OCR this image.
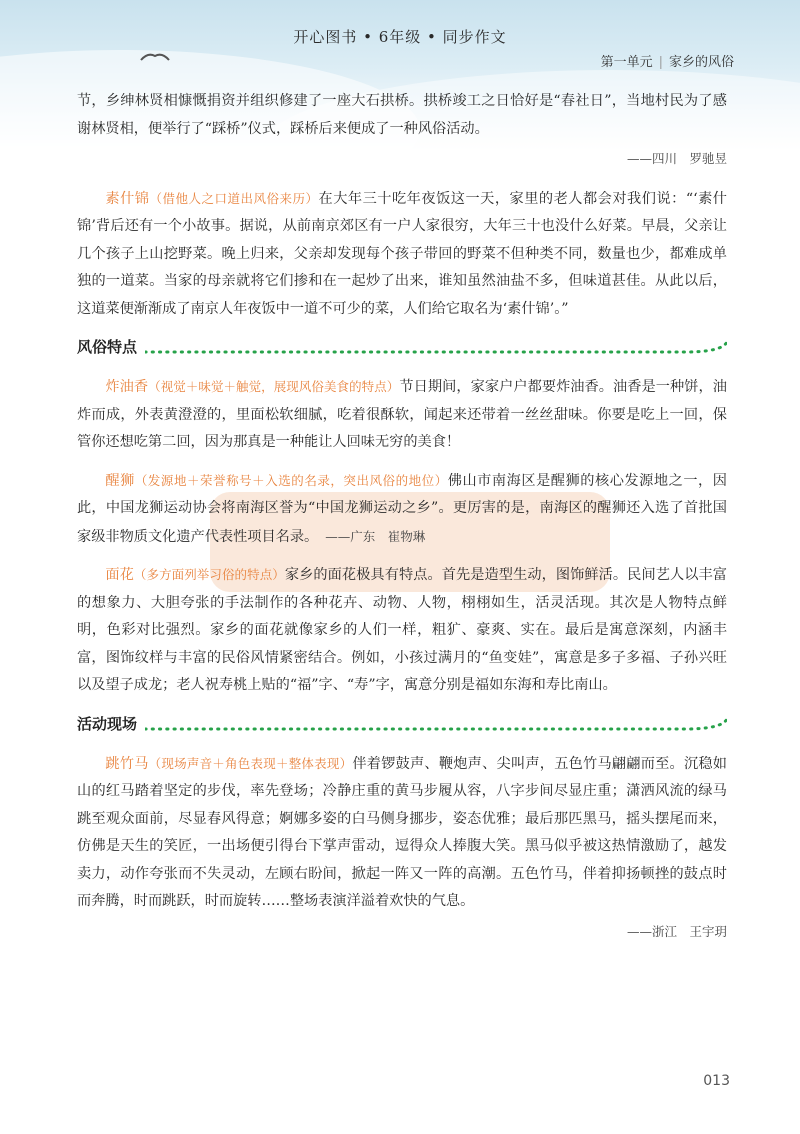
开心图书 • 6年级 • 同步作文
第一单元 | 家乡的风俗

节，乡绅林贤相慷慨捐资并组织修建了一座大石拱桥。拱桥竣工之日恰好是“春社日”，当地村民为了感谢林贤相，便举行了“踩桥”仪式，踩桥后来便成了一种风俗活动。

——四川　罗驰昱

素什锦（借他人之口道出风俗来历）在大年三十吃年夜饭这一天，家里的老人都会对我们说：“‘素什锦’背后还有一个小故事。据说，从前南京郊区有一户人家很穷，大年三十也没什么好菜。早晨，父亲让几个孩子上山挖野菜。晚上归来，父亲却发现每个孩子带回的野菜不但种类不同，数量也少，都难成单独的一道菜。当家的母亲就将它们掺和在一起炒了出来，谁知虽然油盐不多，但味道甚佳。从此以后，这道菜便渐渐成了南京人年夜饭中一道不可少的菜，人们给它取名为‘素什锦’。”

风俗特点

炸油香（视觉＋味觉＋触觉，展现风俗美食的特点）节日期间，家家户户都要炸油香。油香是一种饼，油炸而成，外表黄澄澄的，里面松软细腻，吃着很酥软，闻起来还带着一丝丝甜味。你要是吃上一回，保管你还想吃第二回，因为那真是一种能让人回味无穷的美食！

醒狮（发源地＋荣誉称号＋入选的名录，突出风俗的地位）佛山市南海区是醒狮的核心发源地之一，因此，中国龙狮运动协会将南海区誉为“中国龙狮运动之乡”。更厉害的是，南海区的醒狮还入选了首批国家级非物质文化遗产代表性项目名录。　 ——广东　崔物琳

面花（多方面列举习俗的特点）家乡的面花极具有特点。首先是造型生动，图饰鲜活。民间艺人以丰富的想象力、大胆夸张的手法制作的各种花卉、动物、人物，栩栩如生，活灵活现。其次是人物特点鲜明，色彩对比强烈。家乡的面花就像家乡的人们一样，粗犷、豪爽、实在。最后是寓意深刻，内涵丰富，图饰纹样与丰富的民俗风情紧密结合。例如，小孩过满月的“鱼变娃”，寓意是多子多福、子孙兴旺以及望子成龙；老人祝寿桃上贴的“福”字、“寿”字，寓意分别是福如东海和寿比南山。

活动现场

跳竹马（现场声音＋角色表现＋整体表现）伴着锣鼓声、鞭炮声、尖叫声，五色竹马翩翩而至。沉稳如山的红马踏着坚定的步伐，率先登场；冷静庄重的黄马步履从容，八字步间尽显庄重；潇洒风流的绿马跳至观众面前，尽显春风得意；婀娜多姿的白马侧身挪步，姿态优雅；最后那匹黑马，摇头摆尾而来，仿佛是天生的笑匠，一出场便引得台下掌声雷动，逗得众人捧腹大笑。黑马似乎被这热情激励了，越发卖力，动作夸张而不失灵动，左顾右盼间，掀起一阵又一阵的高潮。五色竹马，伴着抑扬顿挫的鼓点时而奔腾，时而跳跃，时而旋转……整场表演洋溢着欢快的气息。

——浙江　王宇玥
013
